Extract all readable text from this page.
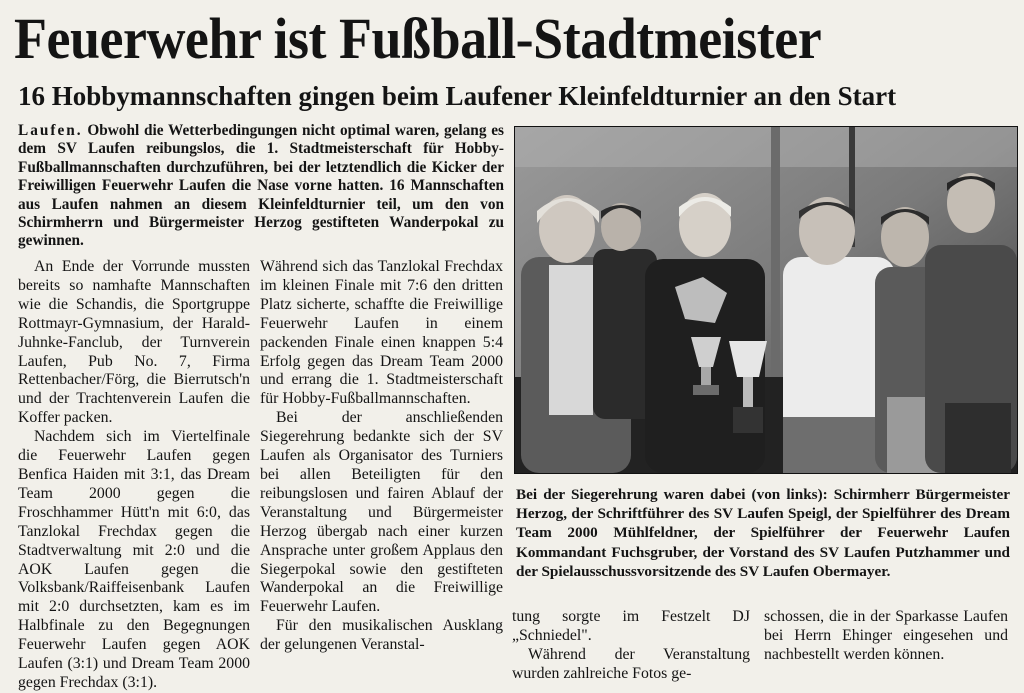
Feuerwehr ist Fußball-Stadtmeister
16 Hobbymannschaften gingen beim Laufener Kleinfeldturnier an den Start
Laufen. Obwohl die Wetterbedingungen nicht optimal waren, gelang es dem SV Laufen reibungslos, die 1. Stadtmeisterschaft für Hobby-Fußballmannschaften durchzuführen, bei der letztendlich die Kicker der Freiwilligen Feuerwehr Laufen die Nase vorne hatten. 16 Mannschaften aus Laufen nahmen an diesem Kleinfeldturnier teil, um den von Schirmherrn und Bürgermeister Herzog gestifteten Wanderpokal zu gewinnen.

An Ende der Vorrunde mussten bereits so namhafte Mannschaften wie die Schandis, die Sportgruppe Rottmayr-Gymnasium, der Harald-Juhnke-Fanclub, der Turnverein Laufen, Pub No. 7, Firma Rettenbacher/Förg, die Bierrutsch'n und der Trachtenverein Laufen die Koffer packen.

Nachdem sich im Viertelfinale die Feuerwehr Laufen gegen Benfica Haiden mit 3:1, das Dream Team 2000 gegen die Froschhammer Hütt'n mit 6:0, das Tanzlokal Frechdax gegen die Stadtverwaltung mit 2:0 und die AOK Laufen gegen die Volksbank/Raiffeisenbank Laufen mit 2:0 durchsetzten, kam es im Halbfinale zu den Begegnungen Feuerwehr Laufen gegen AOK Laufen (3:1) und Dream Team 2000 gegen Frechdax (3:1).

Während sich das Tanzlokal Frechdax im kleinen Finale mit 7:6 den dritten Platz sicherte, schaffte die Freiwillige Feuerwehr Laufen in einem packenden Finale einen knappen 5:4 Erfolg gegen das Dream Team 2000 und errang die 1. Stadtmeisterschaft für Hobby-Fußballmannschaften.

Bei der anschließenden Siegerehrung bedankte sich der SV Laufen als Organisator des Turniers bei allen Beteiligten für den reibungslosen und fairen Ablauf der Veranstaltung und Bürgermeister Herzog übergab nach einer kurzen Ansprache unter großem Applaus den Siegerpokal sowie den gestifteten Wanderpokal an die Freiwillige Feuerwehr Laufen.

Für den musikalischen Ausklang der gelungenen Veranstal-

Bei der Siegerehrung waren dabei (von links): Schirmherr Bürgermeister Herzog, der Schriftführer des SV Laufen Speigl, der Spielführer des Dream Team 2000 Mühlfeldner, der Spielführer der Feuerwehr Laufen Kommandant Fuchsgruber, der Vorstand des SV Laufen Putzhammer und der Spielausschussvorsitzende des SV Laufen Obermayer.

tung sorgte im Festzelt DJ „Schniedel".

Während der Veranstaltung wurden zahlreiche Fotos ge-

schossen, die in der Sparkasse Laufen bei Herrn Ehinger eingesehen und nachbestellt werden können.
